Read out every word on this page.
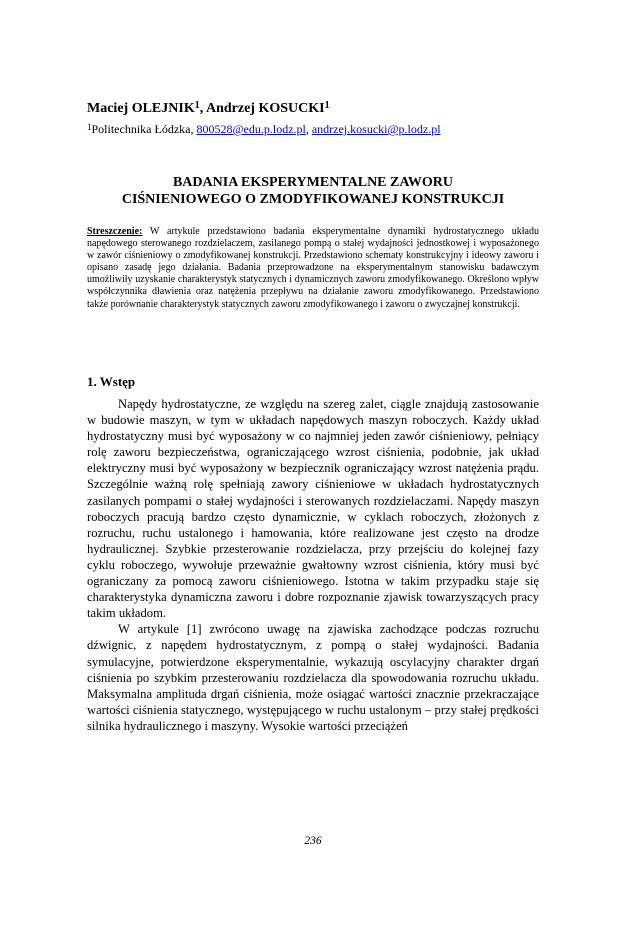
Maciej OLEJNIK$^1$, Andrzej KOSUCKI$^1$
$^1$Politechnika Łódzka, 800528@edu.p.lodz.pl, andrzej.kosucki@p.lodz.pl
BADANIA EKSPERYMENTALNE ZAWORU
CIŚNIENIOWEGO O ZMODYFIKOWANEJ KONSTRUKCJI
Streszczenie: W artykule przedstawiono badania eksperymentalne dynamiki hydrostatycznego układu napędowego sterowanego rozdzielaczem, zasilanego pompą o stałej wydajności jednostkowej i wyposażonego w zawór ciśnieniowy o zmodyfikowanej konstrukcji. Przedstawiono schematy konstrukcyjny i ideowy zaworu i opisano zasadę jego działania. Badania przeprowadzone na eksperymentalnym stanowisku badawczym umożliwiły uzyskanie charakterystyk statycznych i dynamicznych zaworu zmodyfikowanego. Określono wpływ współczynnika dławienia oraz natężenia przepływu na działanie zaworu zmodyfikowanego. Przedstawiono także porównanie charakterystyk statycznych zaworu zmodyfikowanego i zaworu o zwyczajnej konstrukcji.
1. Wstęp

Napędy hydrostatyczne, ze względu na szereg zalet, ciągle znajdują zastosowanie w budowie maszyn, w tym w układach napędowych maszyn roboczych. Każdy układ hydrostatyczny musi być wyposażony w co najmniej jeden zawór ciśnieniowy, pełniący rolę zaworu bezpieczeństwa, ograniczającego wzrost ciśnienia, podobnie, jak układ elektryczny musi być wyposażony w bezpiecznik ograniczający wzrost natężenia prądu. Szczególnie ważną rolę spełniają zawory ciśnieniowe w układach hydrostatycznych zasilanych pompami o stałej wydajności i sterowanych rozdzielaczami. Napędy maszyn roboczych pracują bardzo często dynamicznie, w cyklach roboczych, złożonych z rozruchu, ruchu ustalonego i hamowania, które realizowane jest często na drodze hydraulicznej. Szybkie przesterowanie rozdzielacza, przy przejściu do kolejnej fazy cyklu roboczego, wywołuje przeważnie gwałtowny wzrost ciśnienia, który musi być ograniczany za pomocą zaworu ciśnieniowego. Istotna w takim przypadku staje się charakterystyka dynamiczna zaworu i dobre rozpoznanie zjawisk towarzyszących pracy takim układom.

W artykule [1] zwrócono uwagę na zjawiska zachodzące podczas rozruchu dźwignic, z napędem hydrostatycznym, z pompą o stałej wydajności. Badania symulacyjne, potwierdzone eksperymentalnie, wykazują oscylacyjny charakter drgań ciśnienia po szybkim przesterowaniu rozdzielacza dla spowodowania rozruchu układu. Maksymalna amplituda drgań ciśnienia, może osiągać wartości znacznie przekraczające wartości ciśnienia statycznego, występującego w ruchu ustalonym – przy stałej prędkości silnika hydraulicznego i maszyny. Wysokie wartości przeciążeń

236
